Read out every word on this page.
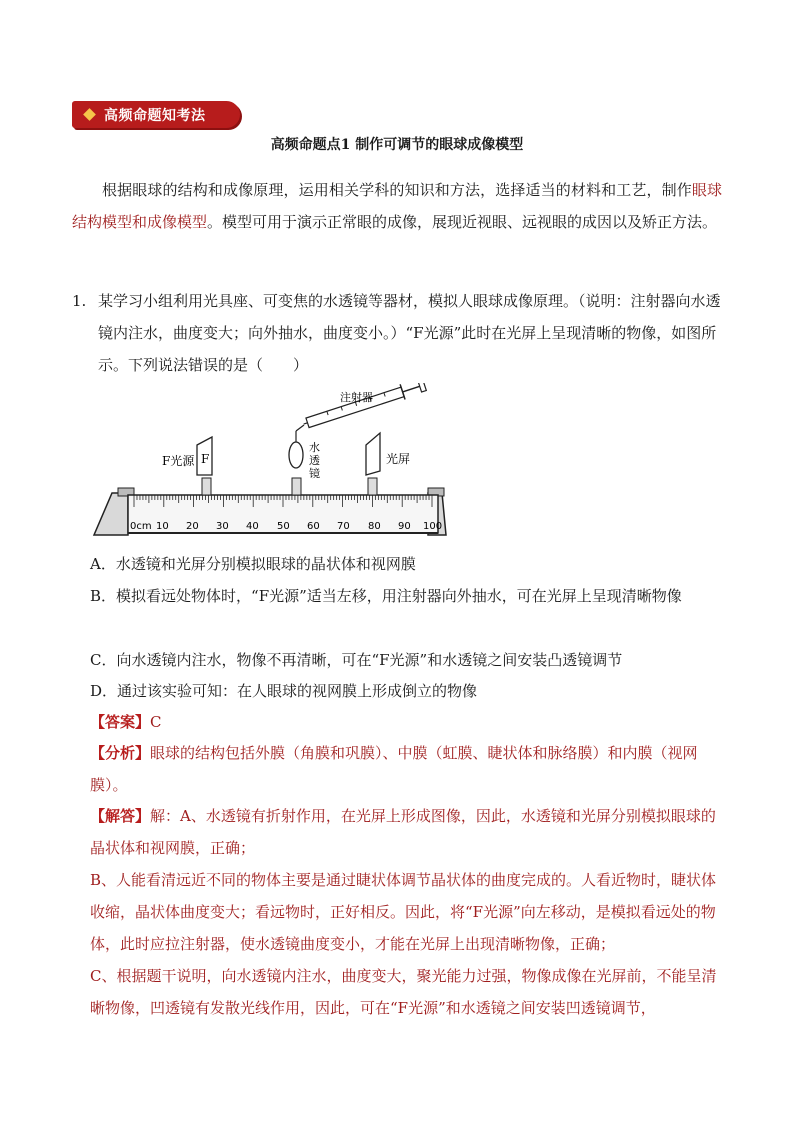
高频命题知考法
高频命题点1 制作可调节的眼球成像模型
根据眼球的结构和成像原理，运用相关学科的知识和方法，选择适当的材料和工艺，制作眼球结构模型和成像模型。模型可用于演示正常眼的成像，展现近视眼、远视眼的成因以及矫正方法。
1. 某学习小组利用光具座、可变焦的水透镜等器材，模拟人眼球成像原理。（说明：注射器向水透镜内注水，曲度变大；向外抽水，曲度变小。）“F光源”此时在光屏上呈现清晰的物像，如图所示。下列说法错误的是（　　）
0cm 10 20 30 40 50 60 70 80 90 100
F
F光源
水
透
镜
注射器
光屏
A．水透镜和光屏分别模拟眼球的晶状体和视网膜
B．模拟看远处物体时，“F光源”适当左移，用注射器向外抽水，可在光屏上呈现清晰物像
C．向水透镜内注水，物像不再清晰，可在“F光源”和水透镜之间安装凸透镜调节
D．通过该实验可知：在人眼球的视网膜上形成倒立的物像
【答案】C
【分析】眼球的结构包括外膜（角膜和巩膜）、中膜（虹膜、睫状体和脉络膜）和内膜（视网膜）。
【解答】解：A、水透镜有折射作用，在光屏上形成图像，因此，水透镜和光屏分别模拟眼球的晶状体和视网膜，正确；
B、人能看清远近不同的物体主要是通过睫状体调节晶状体的曲度完成的。人看近物时，睫状体收缩，晶状体曲度变大；看远物时，正好相反。因此，将“F光源”向左移动，是模拟看远处的物体，此时应拉注射器，使水透镜曲度变小，才能在光屏上出现清晰物像，正确；
C、根据题干说明，向水透镜内注水，曲度变大，聚光能力过强，物像成像在光屏前，不能呈清晰物像，凹透镜有发散光线作用，因此，可在“F光源”和水透镜之间安装凹透镜调节，
